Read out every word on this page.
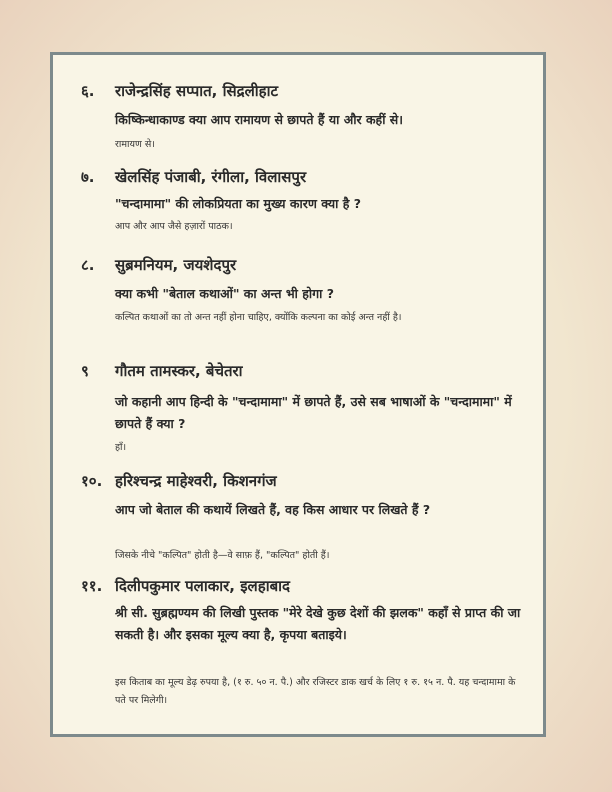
६. राजेन्द्रसिंह सप्पात, सिद्रलीहाट
किष्किन्धाकाण्ड क्या आप रामायण से छापते हैं या और कहीं से।
रामायण से।
७. खेलसिंह पंजाबी, रंगीला, विलासपुर
"चन्दामामा" की लोकप्रियता का मुख्य कारण क्या है ?
आप और आप जैसे हज़ारों पाठक।
८. सुब्रमनियम, जयशेदपुर
क्या कभी "बेताल कथाओं" का अन्त भी होगा ?
कल्पित कथाओं का तो अन्त नहीं होना चाहिए, क्योंकि कल्पना का कोई अन्त नहीं है।
९ गौतम तामस्कर, बेचेतरा
जो कहानी आप हिन्दी के "चन्दामामा" में छापते हैं, उसे सब भाषाओं के "चन्दामामा" में छापते हैं क्या ?
हाँ।
१०. हरिश्चन्द्र माहेश्वरी, किशनगंज
आप जो बेताल की कथायें लिखते हैं, वह किस आधार पर लिखते हैं ?
जिसके नीचे "कल्पित" होती है—वे साफ़ हैं, "कल्पित" होती हैं।
११. दिलीपकुमार पलाकार, इलहाबाद
श्री सी. सुब्रह्मण्यम की लिखी पुस्तक "मेरे देखे कुछ देशों की झलक" कहाँ से प्राप्त की जा सकती है। और इसका मूल्य क्या है, कृपया बताइये।
इस किताब का मूल्य डेढ़ रुपया है, (१ रु. ५० न. पै.) और रजिस्टर डाक खर्च के लिए १ रु. १५ न. पै. यह चन्दामामा के पते पर मिलेगी।
